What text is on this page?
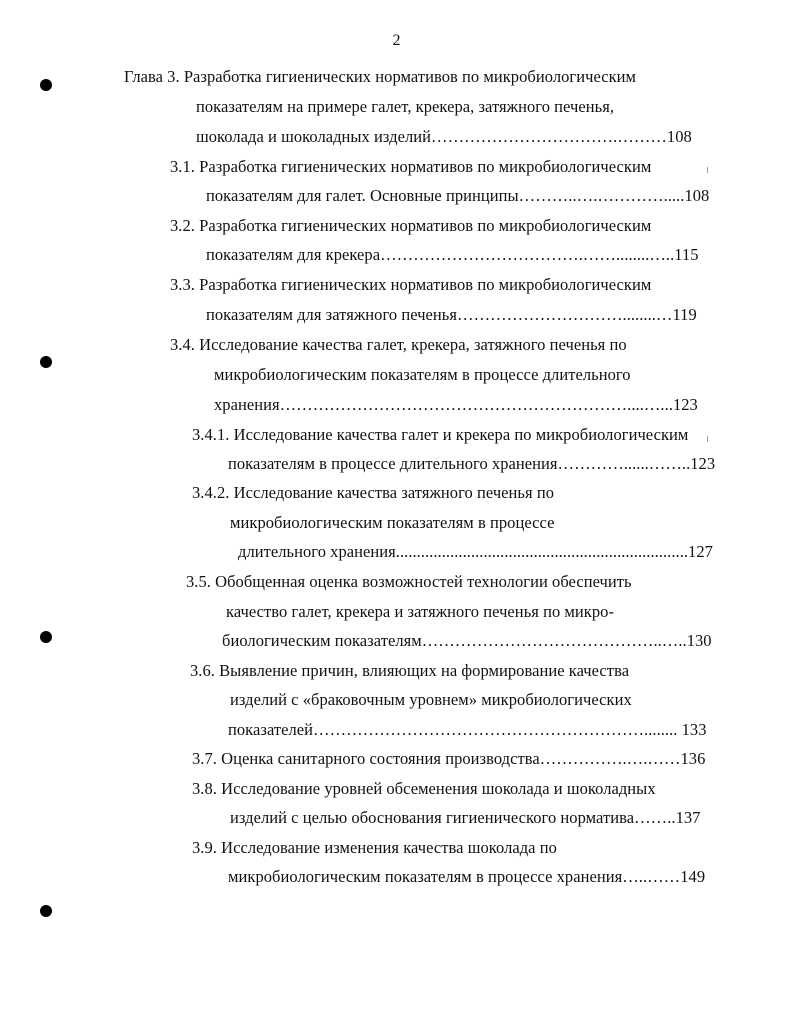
2
Глава 3. Разработка гигиенических нормативов по микробиологическим
показателям на примере галет, крекера, затяжного печенья,
шоколада и шоколадных изделий…………………………….………108
3.1. Разработка гигиенических нормативов по микробиологическим
показателям для галет. Основные принципы………..….………….....108
3.2. Разработка гигиенических нормативов по микробиологическим
показателям для крекера……………………………….……........…..115
3.3. Разработка гигиенических нормативов по микробиологическим
показателям для затяжного печенья…………………………........…119
3.4. Исследование качества галет, крекера, затяжного печенья по
микробиологическим показателям в процессе длительного
хранения………………………………………………………....…...123
3.4.1. Исследование качества галет и крекера по микробиологическим
показателям в процессе длительного хранения…………......……..123
3.4.2. Исследование качества затяжного печенья по
микробиологическим показателям в процессе
длительного хранения......................................................................127
3.5. Обобщенная оценка возможностей технологии обеспечить
качество галет, крекера и затяжного печенья по микро-
биологическим показателям……………………………………..…..130
3.6. Выявление причин, влияющих на формирование качества
изделий с «браковочным уровнем» микробиологических
показателей……………………………………………………........ 133
3.7. Оценка санитарного состояния производства…………….….……136
3.8. Исследование уровней обсеменения шоколада и шоколадных
изделий с целью обоснования гигиенического норматива……..137
3.9. Исследование изменения качества шоколада по
микробиологическим показателям в процессе хранения…..……149
